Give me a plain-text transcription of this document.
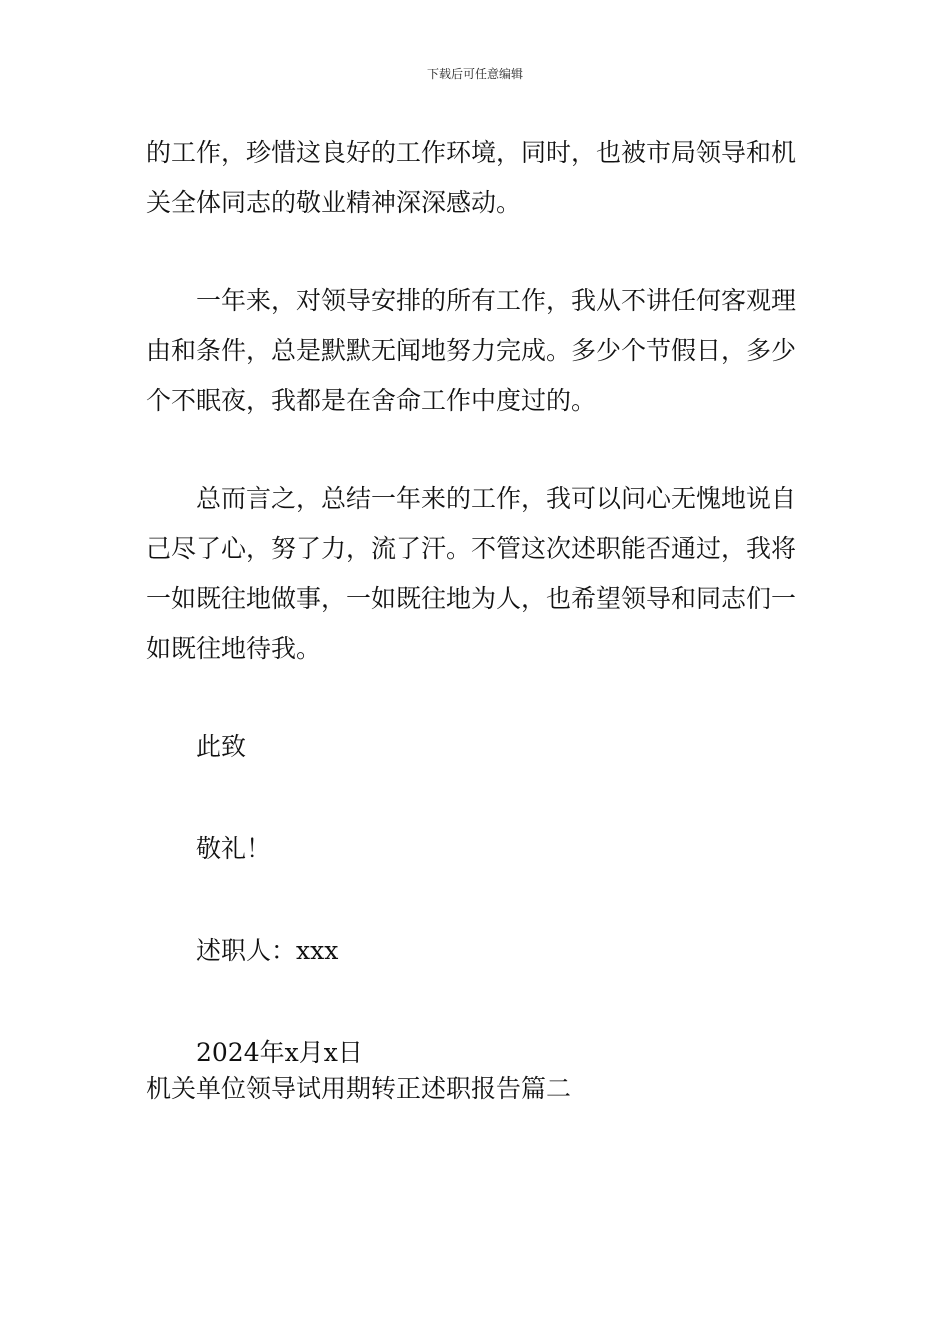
下载后可任意编辑

的工作，珍惜这良好的工作环境，同时，也被市局领导和机关全体同志的敬业精神深深感动。

一年来，对领导安排的所有工作，我从不讲任何客观理由和条件，总是默默无闻地努力完成。多少个节假日，多少个不眠夜，我都是在舍命工作中度过的。

总而言之，总结一年来的工作，我可以问心无愧地说自己尽了心，努了力，流了汗。不管这次述职能否通过，我将一如既往地做事，一如既往地为人，也希望领导和同志们一如既往地待我。

此致

敬礼！

述职人：xxx

2024年x月x日

机关单位领导试用期转正述职报告篇二
